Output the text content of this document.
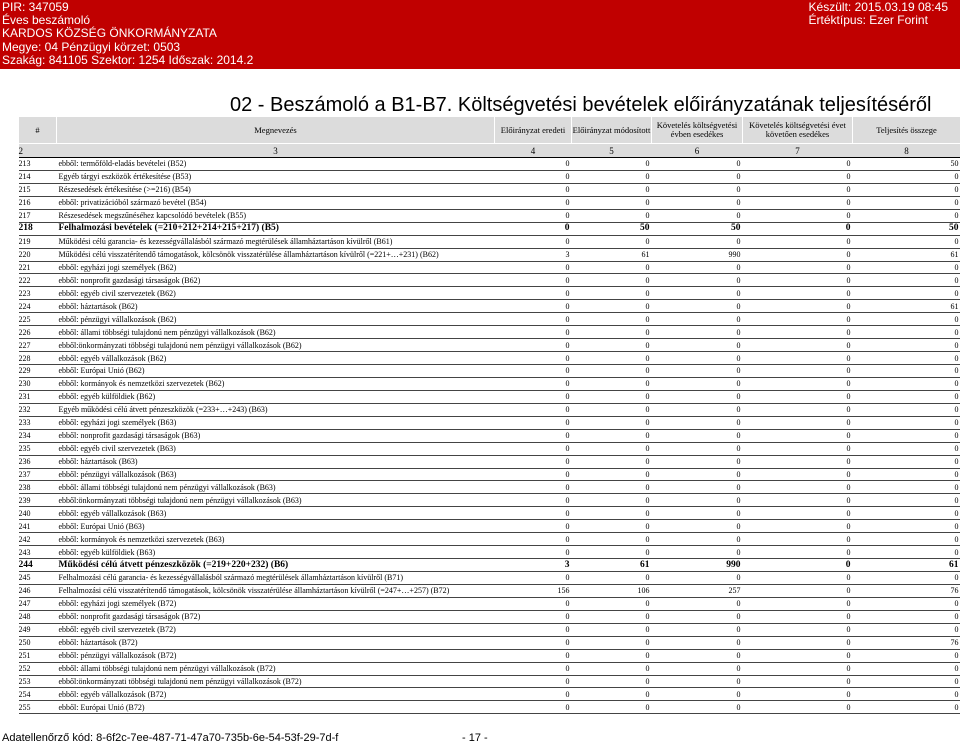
PIR: 347059
Éves beszámoló
KARDOS KÖZSÉG ÖNKORMÁNYZATA
Megye: 04 Pénzügyi körzet: 0503
Szakág: 841105 Szektor: 1254 Időszak: 2014.2
Készült: 2015.03.19 08:45
Értéktípus: Ezer Forint
02 - Beszámoló a B1-B7. Költségvetési bevételek előirányzatának teljesítéséről
#	Megnevezés	Előirányzat eredeti	Előirányzat módosított	Követelés költségvetési évben esedékes	Követelés költségvetési évet követően esedékes	Teljesítés összege
2	3	4	5	6	7	8
213	ebből: termőföld-eladás bevételei (B52)	0	0	0	0	50
214	Egyéb tárgyi eszközök értékesítése (B53)	0	0	0	0	0
215	Részesedések értékesítése (>=216) (B54)	0	0	0	0	0
216	ebből: privatizációból származó bevétel (B54)	0	0	0	0	0
217	Részesedések megszűnéséhez kapcsolódó bevételek (B55)	0	0	0	0	0
218	Felhalmozási bevételek (=210+212+214+215+217) (B5)	0	50	50	0	50
219	Működési célú garancia- és kezességvállalásból származó megtérülések államháztartáson kívülről (B61)	0	0	0	0	0
220	Működési célú visszatérítendő támogatások, kölcsönök visszatérülése államháztartáson kívülről (=221+…+231) (B62)	3	61	990	0	61
221	ebből: egyházi jogi személyek (B62)	0	0	0	0	0
222	ebből: nonprofit gazdasági társaságok (B62)	0	0	0	0	0
223	ebből: egyéb civil szervezetek (B62)	0	0	0	0	0
224	ebből: háztartások (B62)	0	0	0	0	61
225	ebből: pénzügyi vállalkozások (B62)	0	0	0	0	0
226	ebből: állami többségi tulajdonú nem pénzügyi vállalkozások (B62)	0	0	0	0	0
227	ebből:önkormányzati többségi tulajdonú nem pénzügyi vállalkozások (B62)	0	0	0	0	0
228	ebből: egyéb vállalkozások (B62)	0	0	0	0	0
229	ebből: Európai Unió (B62)	0	0	0	0	0
230	ebből: kormányok és nemzetközi szervezetek (B62)	0	0	0	0	0
231	ebből: egyéb külföldiek (B62)	0	0	0	0	0
232	Egyéb működési célú átvett pénzeszközök (=233+…+243) (B63)	0	0	0	0	0
233	ebből: egyházi jogi személyek (B63)	0	0	0	0	0
234	ebből: nonprofit gazdasági társaságok (B63)	0	0	0	0	0
235	ebből: egyéb civil szervezetek (B63)	0	0	0	0	0
236	ebből: háztartások (B63)	0	0	0	0	0
237	ebből: pénzügyi vállalkozások (B63)	0	0	0	0	0
238	ebből: állami többségi tulajdonú nem pénzügyi vállalkozások (B63)	0	0	0	0	0
239	ebből:önkormányzati többségi tulajdonú nem pénzügyi vállalkozások (B63)	0	0	0	0	0
240	ebből: egyéb vállalkozások (B63)	0	0	0	0	0
241	ebből: Európai Unió (B63)	0	0	0	0	0
242	ebből: kormányok és nemzetközi szervezetek (B63)	0	0	0	0	0
243	ebből: egyéb külföldiek (B63)	0	0	0	0	0
244	Működési célú átvett pénzeszközök (=219+220+232) (B6)	3	61	990	0	61
245	Felhalmozási célú garancia- és kezességvállalásból származó megtérülések államháztartáson kívülről (B71)	0	0	0	0	0
246	Felhalmozási célú visszatérítendő támogatások, kölcsönök visszatérülése államháztartáson kívülről (=247+…+257) (B72)	156	106	257	0	76
247	ebből: egyházi jogi személyek (B72)	0	0	0	0	0
248	ebből: nonprofit gazdasági társaságok (B72)	0	0	0	0	0
249	ebből: egyéb civil szervezetek (B72)	0	0	0	0	0
250	ebből: háztartások (B72)	0	0	0	0	76
251	ebből: pénzügyi vállalkozások (B72)	0	0	0	0	0
252	ebből: állami többségi tulajdonú nem pénzügyi vállalkozások (B72)	0	0	0	0	0
253	ebből:önkormányzati többségi tulajdonú nem pénzügyi vállalkozások (B72)	0	0	0	0	0
254	ebből: egyéb vállalkozások (B72)	0	0	0	0	0
255	ebből: Európai Unió (B72)	0	0	0	0	0
Adatellenőrző kód: 8-6f2c-7ee-487-71-47a70-735b-6e-54-53f-29-7d-f	- 17 -
